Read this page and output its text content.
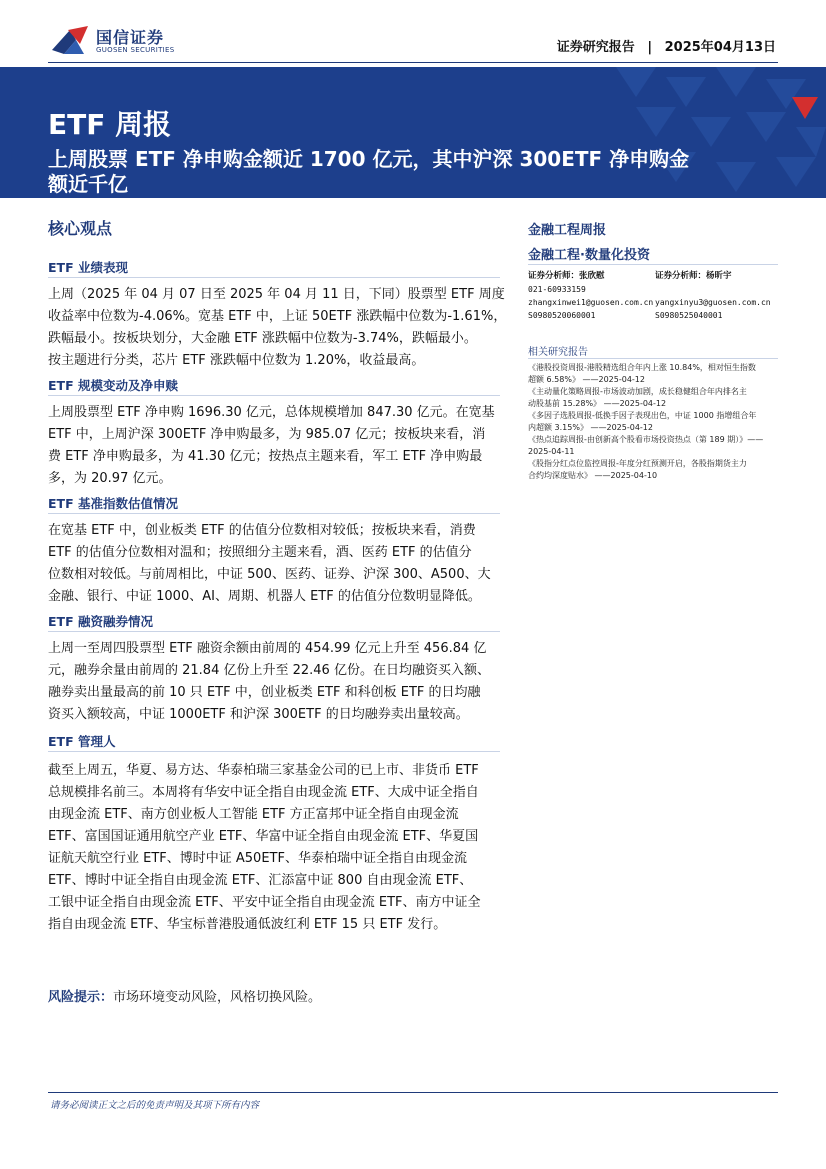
国信证券
GUOSEN SECURITIES	证券研究报告 | 2025年04月13日
ETF 周报
上周股票 ETF 净申购金额近 1700 亿元，其中沪深 300ETF 净申购金
额近千亿
核心观点
ETF 业绩表现
上周（2025 年 04 月 07 日至 2025 年 04 月 11 日，下同）股票型 ETF 周度
收益率中位数为-4.06%。宽基 ETF 中，上证 50ETF 涨跌幅中位数为-1.61%，
跌幅最小。按板块划分，大金融 ETF 涨跌幅中位数为-3.74%，跌幅最小。
按主题进行分类，芯片 ETF 涨跌幅中位数为 1.20%，收益最高。
ETF 规模变动及净申赎
上周股票型 ETF 净申购 1696.30 亿元，总体规模增加 847.30 亿元。在宽基
ETF 中，上周沪深 300ETF 净申购最多，为 985.07 亿元；按板块来看，消
费 ETF 净申购最多，为 41.30 亿元；按热点主题来看，军工 ETF 净申购最
多，为 20.97 亿元。
ETF 基准指数估值情况
在宽基 ETF 中，创业板类 ETF 的估值分位数相对较低；按板块来看，消费
ETF 的估值分位数相对温和；按照细分主题来看，酒、医药 ETF 的估值分
位数相对较低。与前周相比，中证 500、医药、证券、沪深 300、A500、大
金融、银行、中证 1000、AI、周期、机器人 ETF 的估值分位数明显降低。
ETF 融资融券情况
上周一至周四股票型 ETF 融资余额由前周的 454.99 亿元上升至 456.84 亿
元，融券余量由前周的 21.84 亿份上升至 22.46 亿份。在日均融资买入额、
融券卖出量最高的前 10 只 ETF 中，创业板类 ETF 和科创板 ETF 的日均融
资买入额较高，中证 1000ETF 和沪深 300ETF 的日均融券卖出量较高。
ETF 管理人
截至上周五，华夏、易方达、华泰柏瑞三家基金公司的已上市、非货币 ETF
总规模排名前三。本周将有华安中证全指自由现金流 ETF、大成中证全指自
由现金流 ETF、南方创业板人工智能 ETF 方正富邦中证全指自由现金流
ETF、富国国证通用航空产业 ETF、华富中证全指自由现金流 ETF、华夏国
证航天航空行业 ETF、博时中证 A50ETF、华泰柏瑞中证全指自由现金流
ETF、博时中证全指自由现金流 ETF、汇添富中证 800 自由现金流 ETF、
工银中证全指自由现金流 ETF、平安中证全指自由现金流 ETF、南方中证全
指自由现金流 ETF、华宝标普港股通低波红利 ETF 15 只 ETF 发行。
风险提示：市场环境变动风险，风格切换风险。
金融工程周报
金融工程·数量化投资
证券分析师：张欣慰
021-60933159
zhangxinwei1@guosen.com.cn
S0980520060001
证券分析师：杨昕宇

yangxinyu3@guosen.com.cn
S0980525040001
相关研究报告
《港股投资周报-港股精选组合年内上涨 10.84%，相对恒生指数
超额 6.58%》 ——2025-04-12
《主动量化策略周报-市场波动加剧，成长稳健组合年内排名主
动股基前 15.28%》 ——2025-04-12
《多因子选股周报-低换手因子表现出色，中证 1000 指增组合年
内超额 3.15%》 ——2025-04-12
《热点追踪周报-由创新高个股看市场投资热点（第 189 期）》——
2025-04-11
《股指分红点位监控周报-年度分红预测开启，各股指期货主力
合约均深度贴水》 ——2025-04-10
请务必阅读正文之后的免责声明及其项下所有内容
